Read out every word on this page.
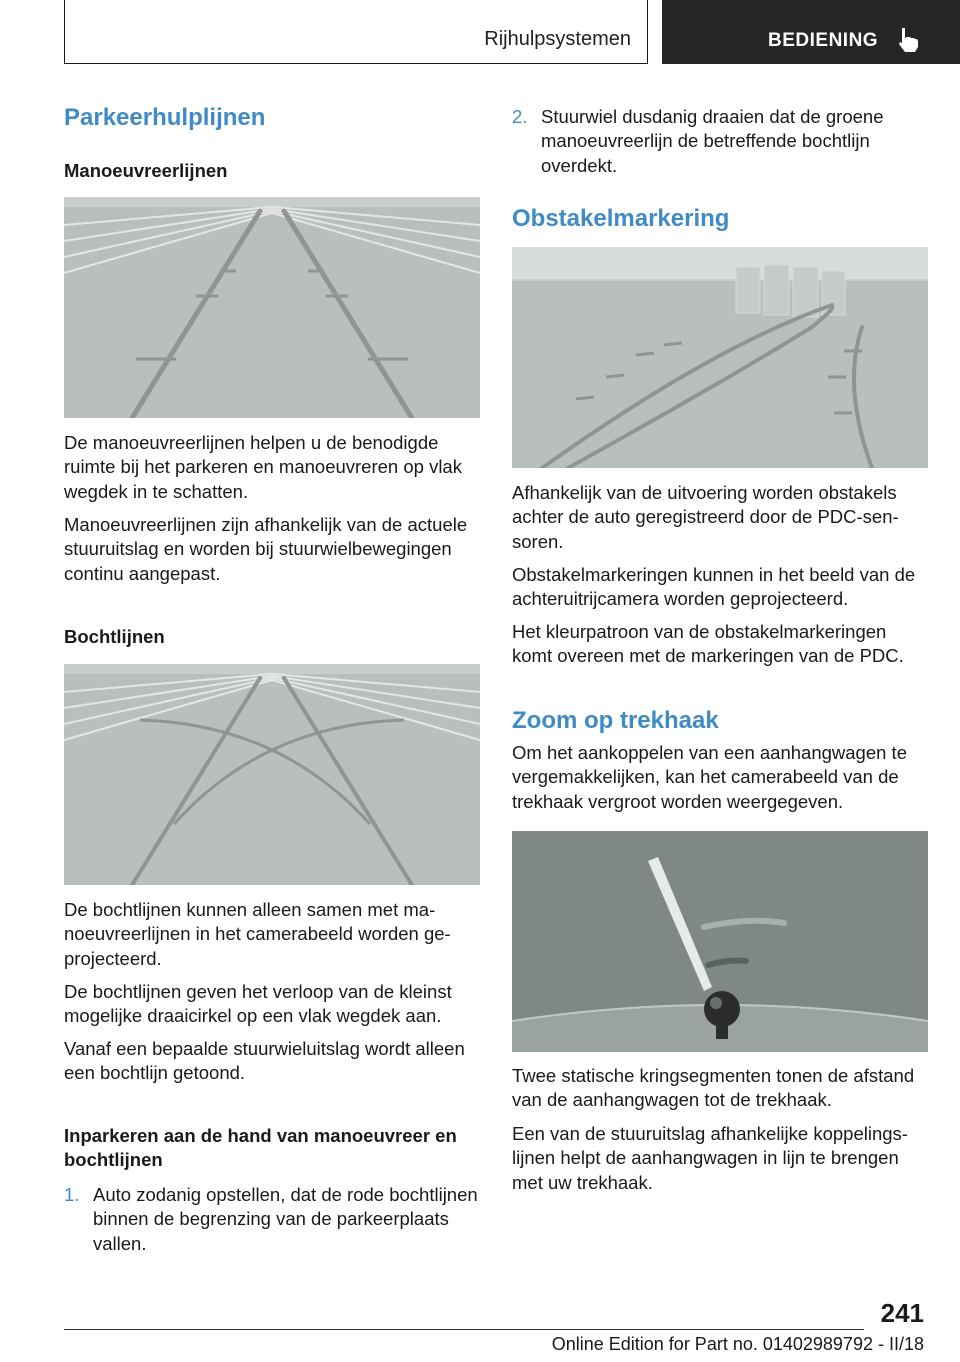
Rijhulpsystemen	BEDIENING
Parkeerhulplijnen
Manoeuvreerlijnen

De manoeuvreerlijnen helpen u de benodigde ruimte bij het parkeren en manoeuvreren op vlak wegdek in te schatten.

Manoeuvreerlijnen zijn afhankelijk van de actuele stuuruitslag en worden bij stuurwielbewegingen continu aangepast.

Bochtlijnen

De bochtlijnen kunnen alleen samen met manoeuvreerlijnen in het camerabeeld worden geprojecteerd.

De bochtlijnen geven het verloop van de kleinst mogelijke draaicirkel op een vlak wegdek aan.

Vanaf een bepaalde stuurwieluitslag wordt alleen een bochtlijn getoond.

Inparkeren aan de hand van manoeuvreer en bochtlijnen
1. Auto zodanig opstellen, dat de rode bochtlijnen binnen de begrenzing van de parkeerplaats vallen.
2. Stuurwiel dusdanig draaien dat de groene manoeuvreerlijn de betreffende bochtlijn overdekt.
Obstakelmarkering

Afhankelijk van de uitvoering worden obstakels achter de auto geregistreerd door de PDC-sensoren.

Obstakelmarkeringen kunnen in het beeld van de achteruitrijcamera worden geprojecteerd.

Het kleurpatroon van de obstakelmarkeringen komt overeen met de markeringen van de PDC.

Zoom op trekhaak

Om het aankoppelen van een aanhangwagen te vergemakkelijken, kan het camerabeeld van de trekhaak vergroot worden weergegeven.

Twee statische kringsegmenten tonen de afstand van de aanhangwagen tot de trekhaak.

Een van de stuuruitslag afhankelijke koppelingslijnen helpt de aanhangwagen in lijn te brengen met uw trekhaak.

241
Online Edition for Part no. 01402989792 - II/18
